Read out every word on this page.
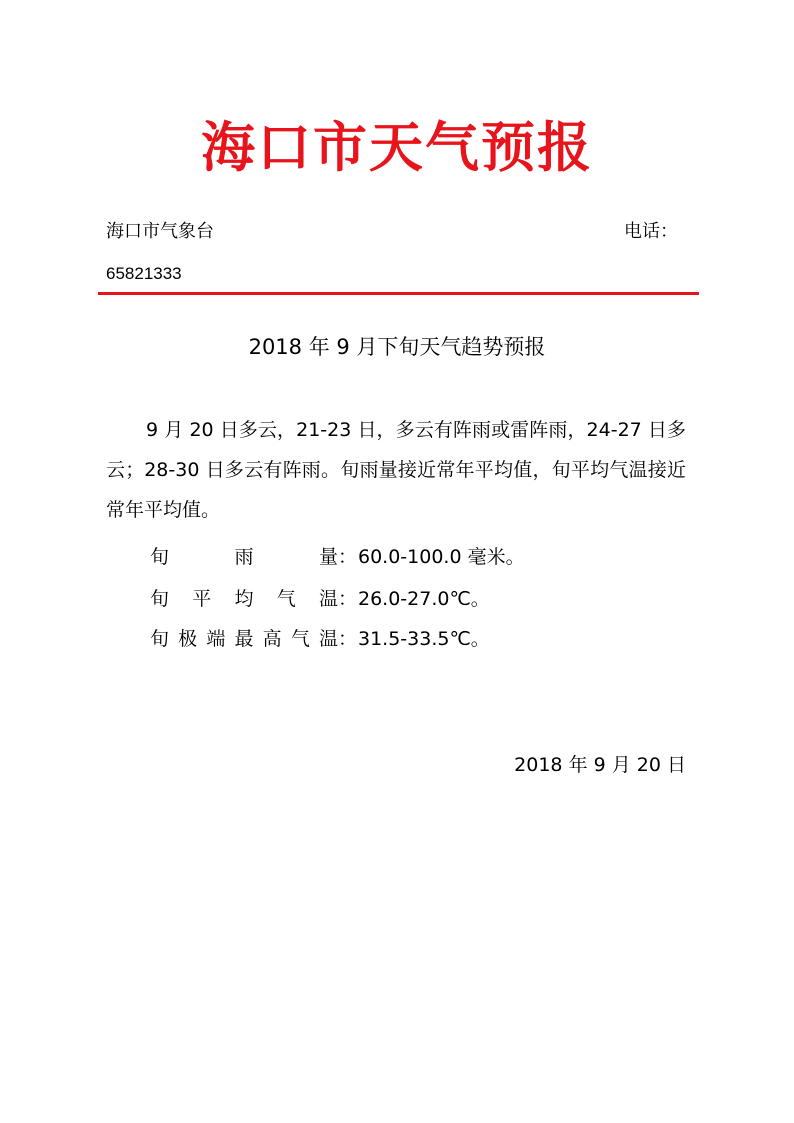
海口市天气预报
海口市气象台	电话：
65821333
2018 年 9 月下旬天气趋势预报
9 月 20 日多云，21-23 日，多云有阵雨或雷阵雨，24-27 日多云；28-30 日多云有阵雨。旬雨量接近常年平均值，旬平均气温接近常年平均值。
旬雨量：60.0-100.0 毫米。
旬平均气温：26.0-27.0℃。
旬极端最高气温：31.5-33.5℃。
2018 年 9 月 20 日
